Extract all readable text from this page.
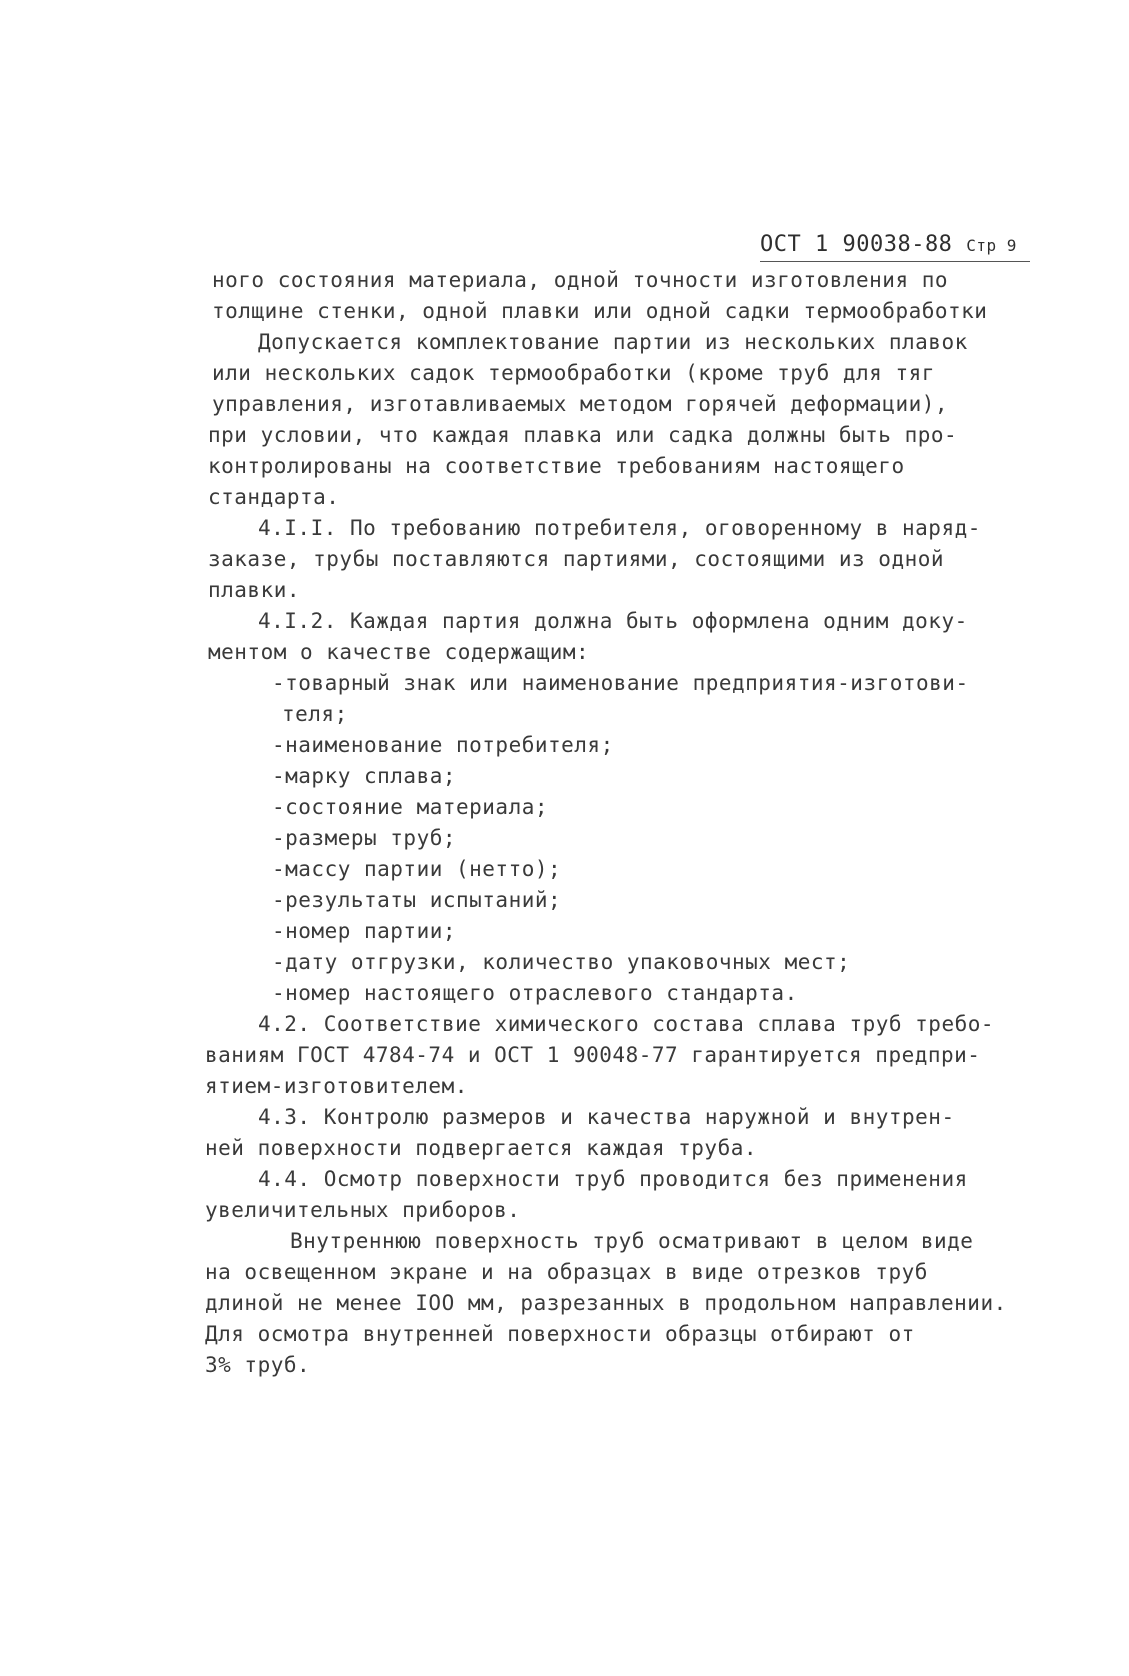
ОСТ 1 90038-88 Стр 9
ного состояния материала, одной точности изготовления по
толщине стенки, одной плавки или одной садки термообработки
Допускается комплектование партии из нескольких плавок
или нескольких садок термообработки (кроме труб для тяг
управления, изготавливаемых методом горячей деформации),
при условии, что каждая плавка или садка должны быть про-
контролированы на соответствие требованиям настоящего
стандарта.
4.I.I. По требованию потребителя, оговоренному в наряд-
заказе, трубы поставляются партиями, состоящими из одной
плавки.
4.I.2. Каждая партия должна быть оформлена одним доку-
ментом о качестве содержащим:
-товарный знак или наименование предприятия-изготови-
теля;
-наименование потребителя;
-марку сплава;
-состояние материала;
-размеры труб;
-массу партии (нетто);
-результаты испытаний;
-номер партии;
-дату отгрузки, количество упаковочных мест;
-номер настоящего отраслевого стандарта.
4.2. Соответствие химического состава сплава труб требо-
ваниям ГОСТ 4784-74 и ОСТ 1 90048-77 гарантируется предпри-
ятием-изготовителем.
4.3. Контролю размеров и качества наружной и внутрен-
ней поверхности подвергается каждая труба.
4.4. Осмотр поверхности труб проводится без применения
увеличительных приборов.
Внутреннюю поверхность труб осматривают в целом виде
на освещенном экране и на образцах в виде отрезков труб
длиной не менее IOO мм, разрезанных в продольном направлении.
Для осмотра внутренней поверхности образцы отбирают от
3% труб.
